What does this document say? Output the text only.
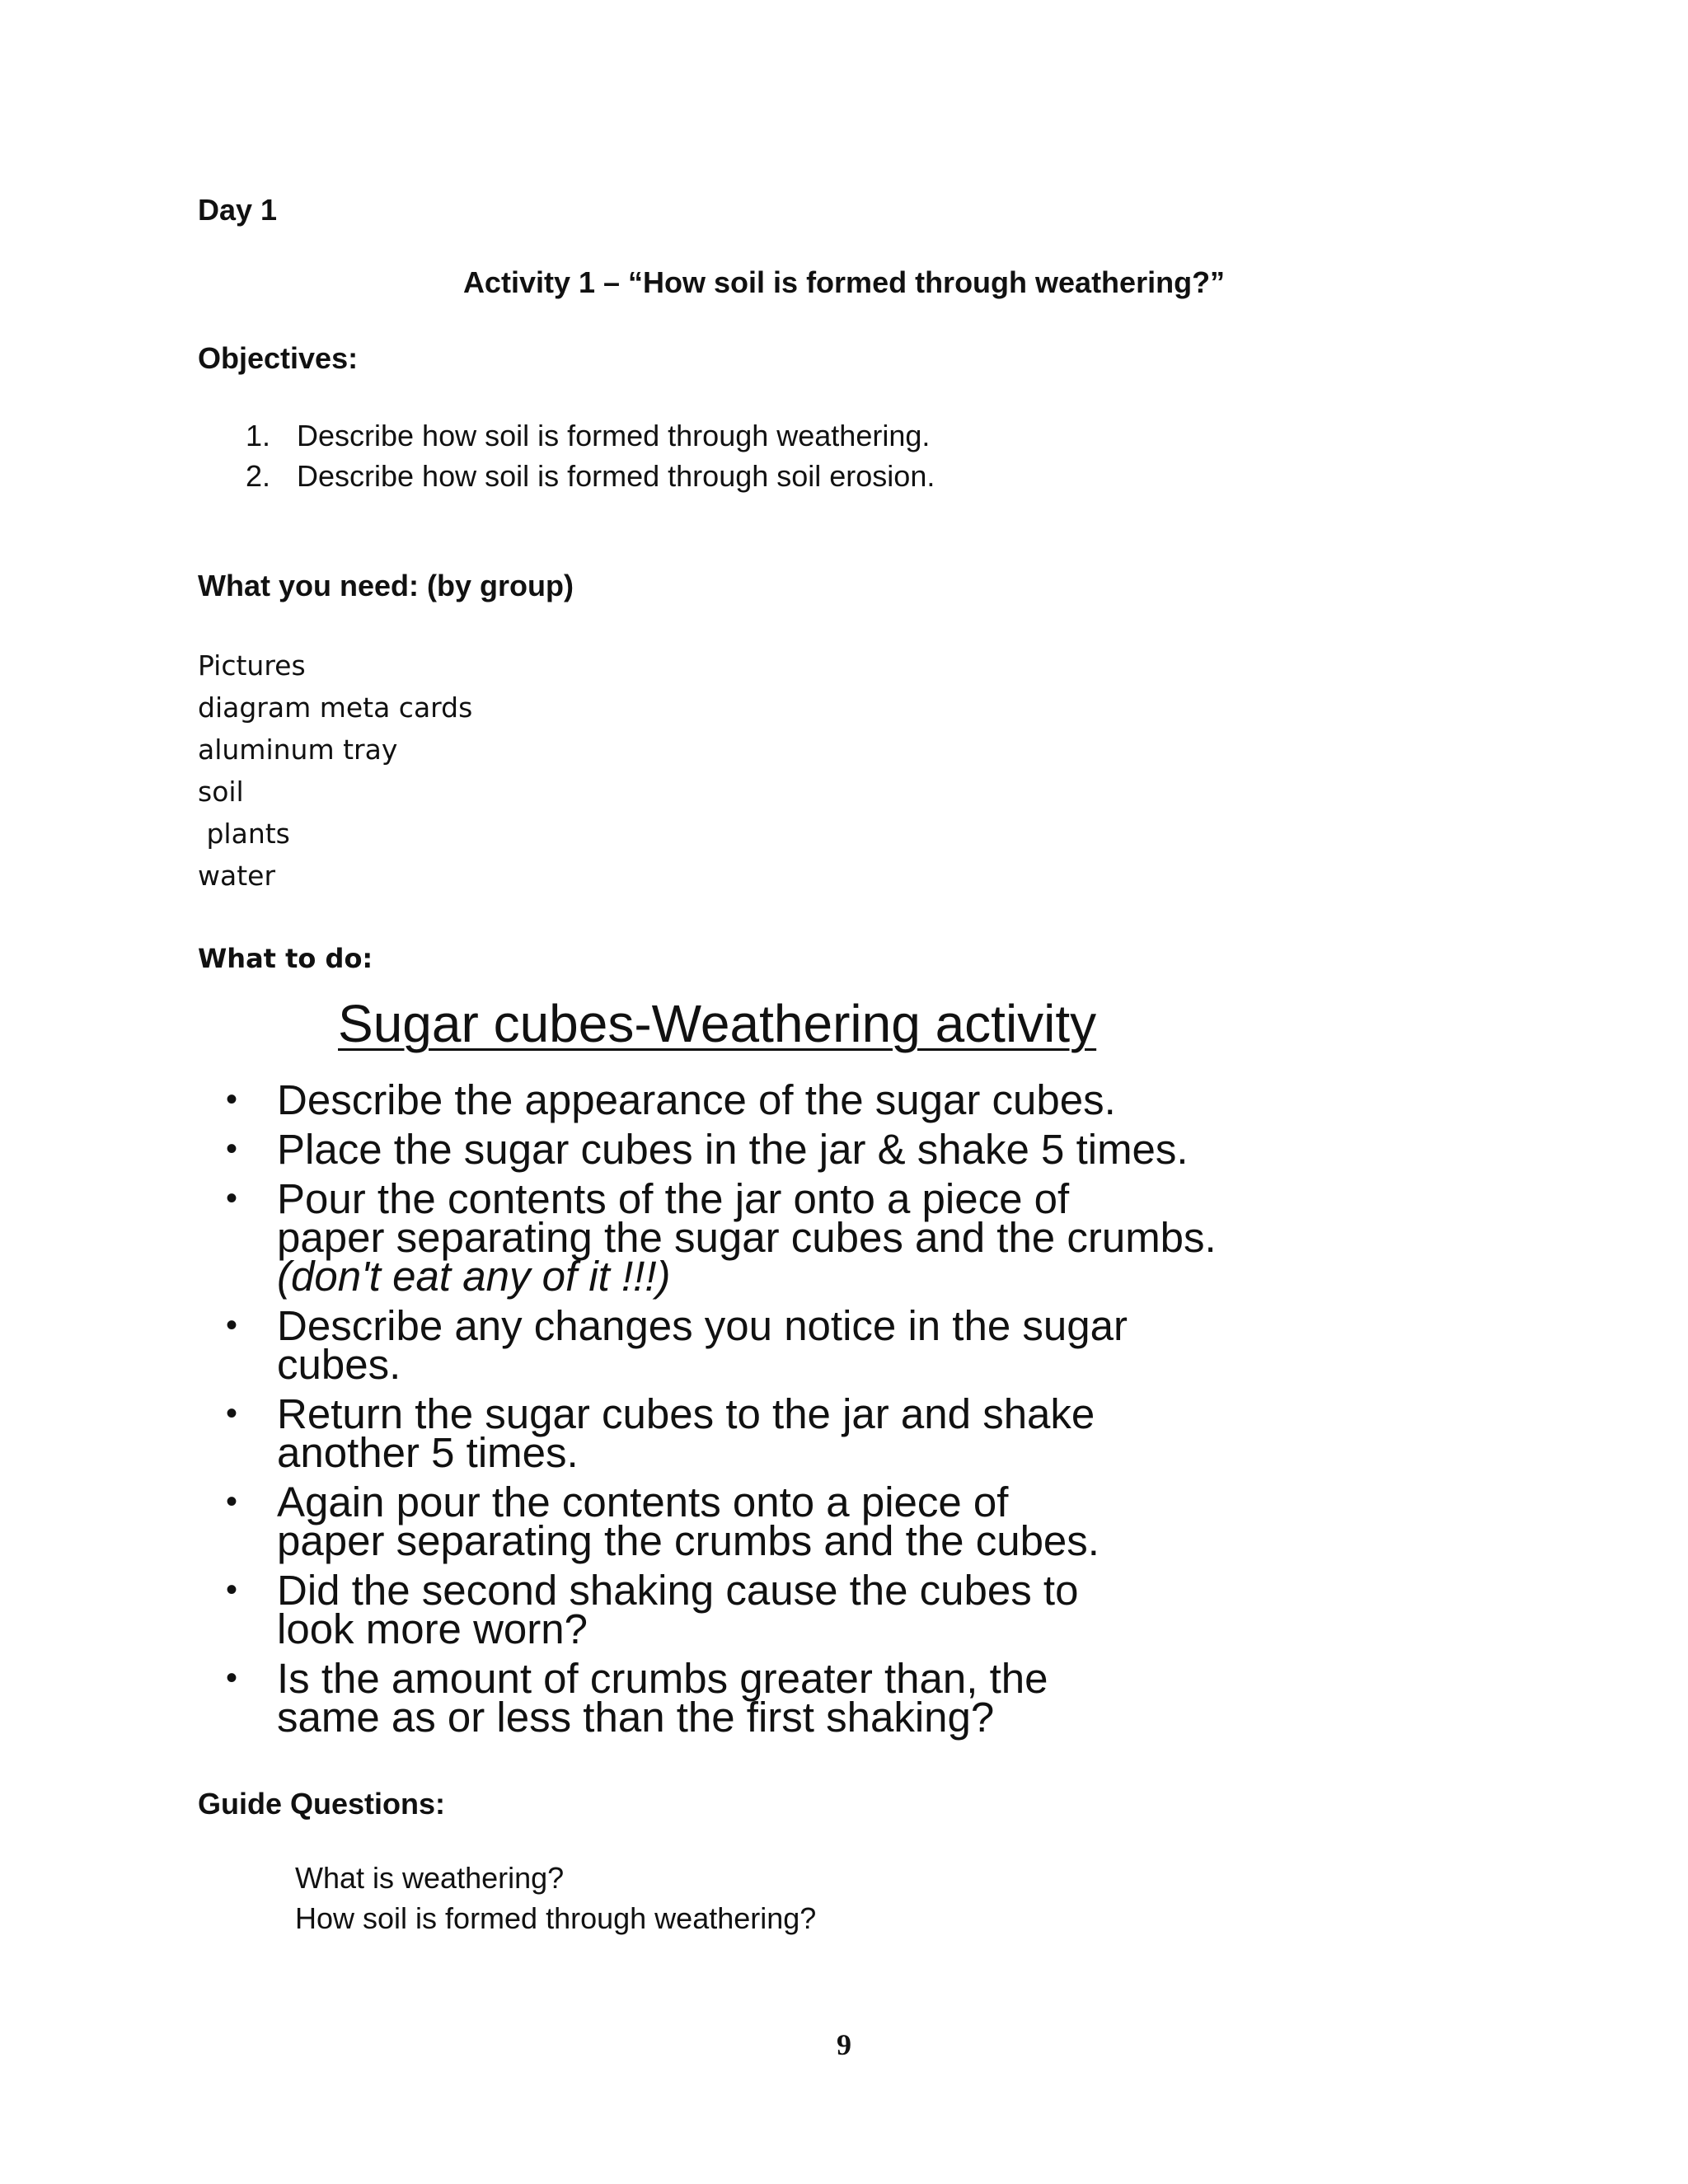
Day 1
Activity 1 – “How soil is formed through weathering?”
Objectives:
1. Describe how soil is formed through weathering.
2. Describe how soil is formed through soil erosion.
What you need: (by group)
Pictures
diagram meta cards
aluminum tray
soil
plants
water
What to do:
Sugar cubes-Weathering activity
• Describe the appearance of the sugar cubes.
• Place the sugar cubes in the jar & shake 5 times.
• Pour the contents of the jar onto a piece of
paper separating the sugar cubes and the crumbs.
(don't eat any of it !!!)
• Describe any changes you notice in the sugar
cubes.
• Return the sugar cubes to the jar and shake
another 5 times.
• Again pour the contents onto a piece of
paper separating the crumbs and the cubes.
• Did the second shaking cause the cubes to
look more worn?
• Is the amount of crumbs greater than, the
same as or less than the first shaking?
Guide Questions:
What is weathering?
How soil is formed through weathering?
9
